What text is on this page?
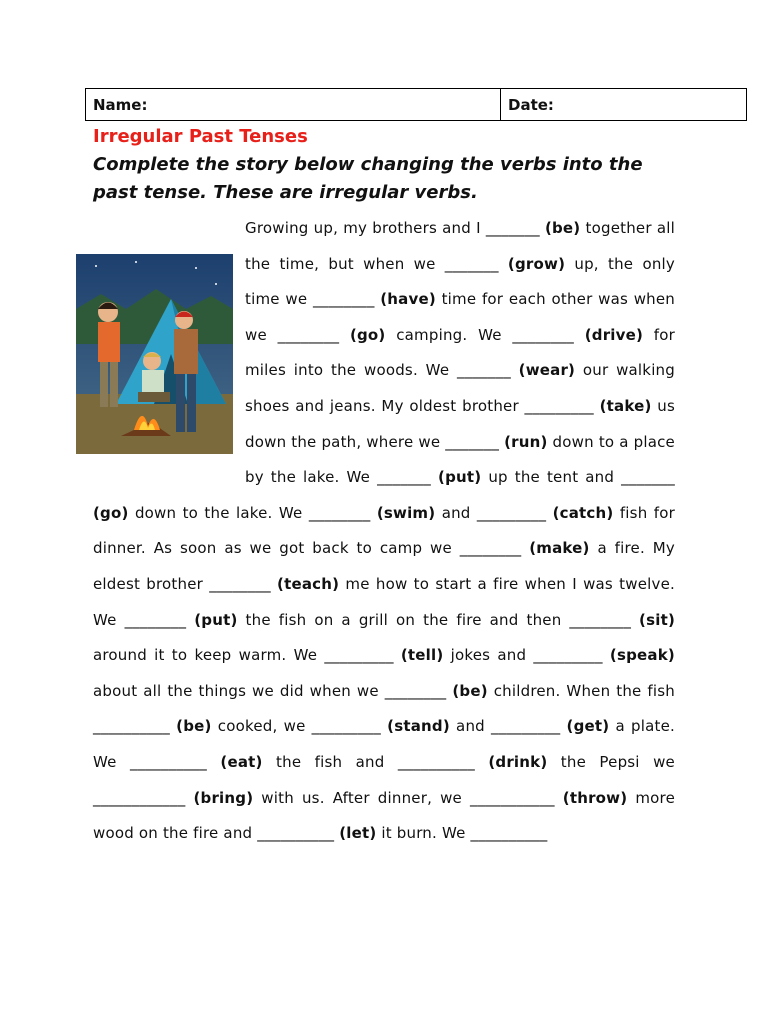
Name:	Date:
Irregular Past Tenses

Complete the story below changing the verbs into the past tense. These are irregular verbs.

Growing up, my brothers and I _______ (be) together all the time, but when we _______ (grow) up, the only time we ________ (have) time for each other was when we ________ (go) camping. We ________ (drive) for miles into the woods. We _______ (wear) our walking shoes and jeans. My oldest brother _________ (take) us down the path, where we _______ (run) down to a place by the lake. We _______ (put) up the tent and _______ (go) down to the lake. We ________ (swim) and _________ (catch) fish for dinner. As soon as we got back to camp we ________ (make) a fire. My eldest brother ________ (teach) me how to start a fire when I was twelve. We ________ (put) the fish on a grill on the fire and then ________ (sit) around it to keep warm. We _________ (tell) jokes and _________ (speak) about all the things we did when we ________ (be) children. When the fish __________ (be) cooked, we _________ (stand) and _________ (get) a plate. We __________ (eat) the fish and __________ (drink) the Pepsi we ____________ (bring) with us. After dinner, we ___________ (throw) more wood on the fire and __________ (let) it burn. We __________
